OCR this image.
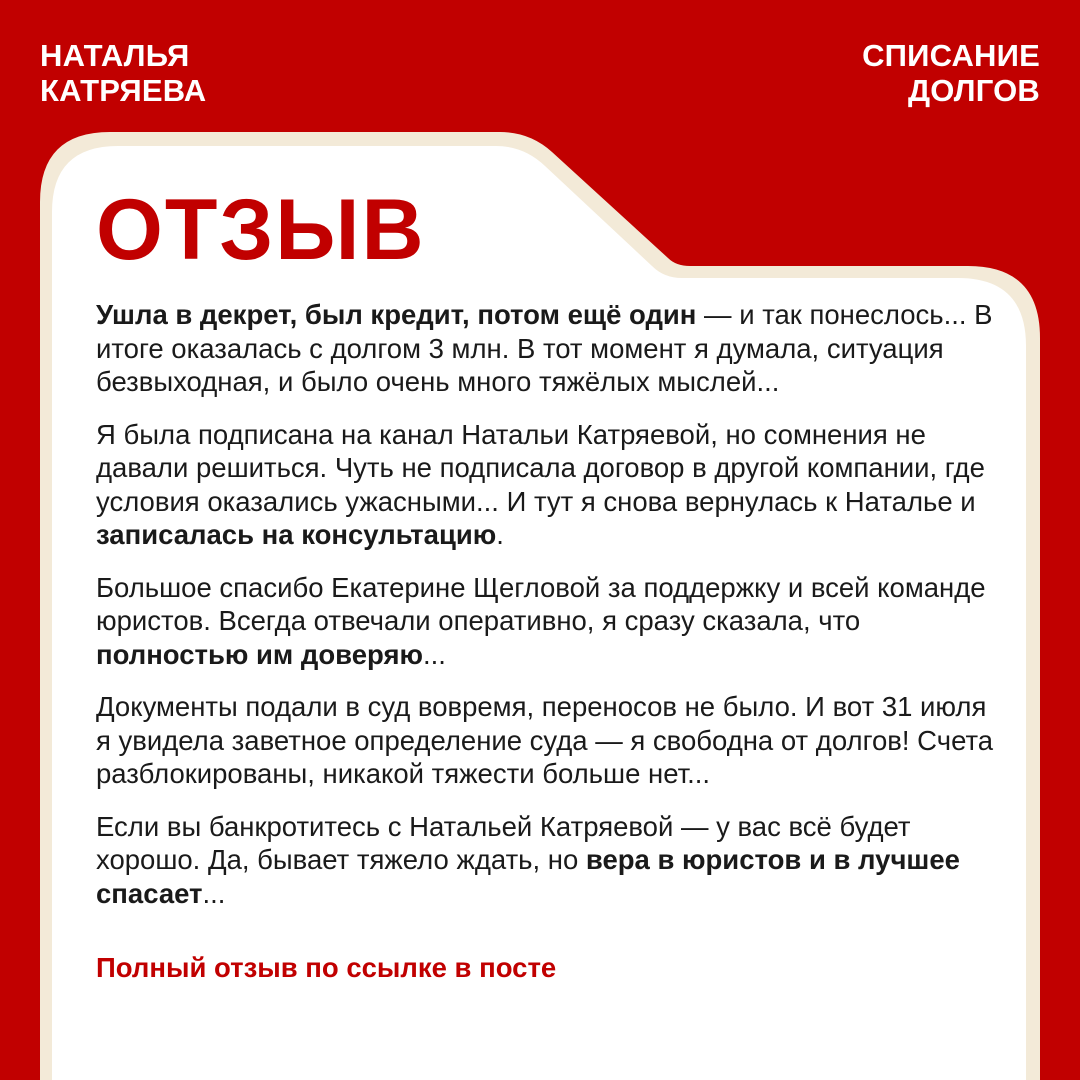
НАТАЛЬЯ
КАТРЯЕВА
СПИСАНИЕ
ДОЛГОВ
ОТЗЫВ

Ушла в декрет, был кредит, потом ещё один — и так понеслось... В итоге оказалась с долгом 3 млн. В тот момент я думала, ситуация безвыходная, и было очень много тяжёлых мыслей...

Я была подписана на канал Натальи Катряевой, но сомнения не давали решиться. Чуть не подписала договор в другой компании, где условия оказались ужасными... И тут я снова вернулась к Наталье и записалась на консультацию.

Большое спасибо Екатерине Щегловой за поддержку и всей команде юристов. Всегда отвечали оперативно, я сразу сказала, что полностью им доверяю...

Документы подали в суд вовремя, переносов не было. И вот 31 июля я увидела заветное определение суда — я свободна от долгов! Счета разблокированы, никакой тяжести больше нет...

Если вы банкротитесь с Натальей Катряевой — у вас всё будет хорошо. Да, бывает тяжело ждать, но вера в юристов и в лучшее спасает...

Полный отзыв по ссылке в посте
